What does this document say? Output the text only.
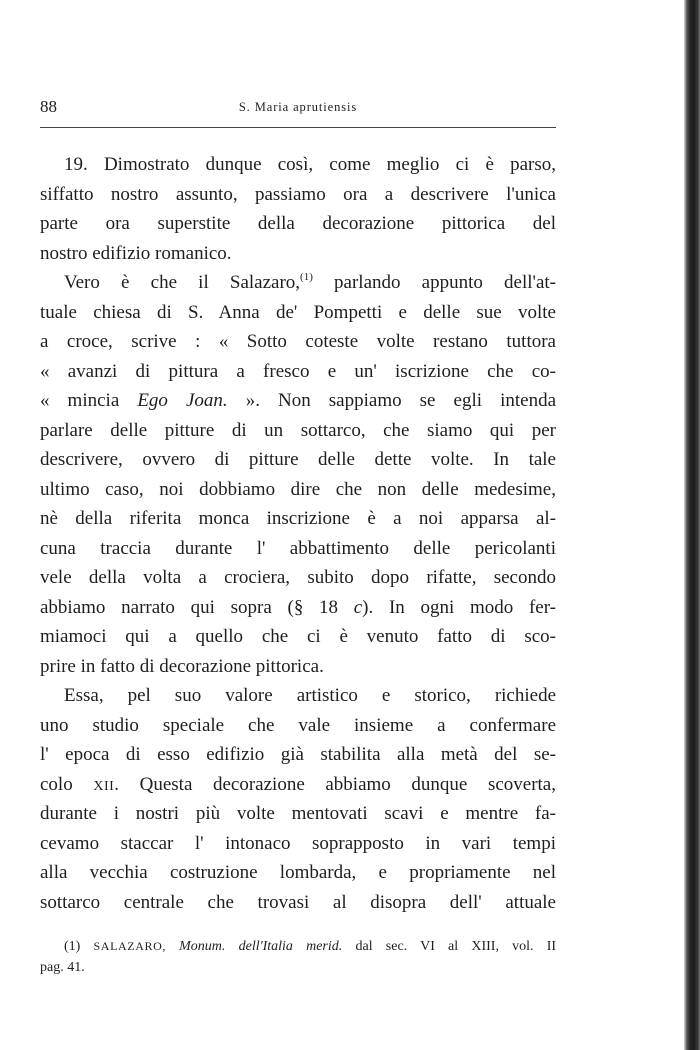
88	S. Maria aprutiensis
19. Dimostrato dunque così, come meglio ci è parso,
siffatto nostro assunto, passiamo ora a descrivere l'unica
parte ora superstite della decorazione pittorica del
nostro edifizio romanico.
Vero è che il Salazaro,$^{(1)}$ parlando appunto dell'at-
tuale chiesa di S. Anna de' Pompetti e delle sue volte
a croce, scrive : « Sotto coteste volte restano tuttora
« avanzi di pittura a fresco e un' iscrizione che co-
« mincia Ego Joan. ». Non sappiamo se egli intenda
parlare delle pitture di un sottarco, che siamo qui per
descrivere, ovvero di pitture delle dette volte. In tale
ultimo caso, noi dobbiamo dire che non delle medesime,
nè della riferita monca inscrizione è a noi apparsa al-
cuna traccia durante l' abbattimento delle pericolanti
vele della volta a crociera, subito dopo rifatte, secondo
abbiamo narrato qui sopra (§ 18 c). In ogni modo fer-
miamoci qui a quello che ci è venuto fatto di sco-
prire in fatto di decorazione pittorica.
Essa, pel suo valore artistico e storico, richiede
uno studio speciale che vale insieme a confermare
l' epoca di esso edifizio già stabilita alla metà del se-
colo XII. Questa decorazione abbiamo dunque scoverta,
durante i nostri più volte mentovati scavi e mentre fa-
cevamo staccar l' intonaco soprapposto in vari tempi
alla vecchia costruzione lombarda, e propriamente nel
sottarco centrale che trovasi al disopra dell' attuale
(1) SALAZARO, Monum. dell'Italia merid. dal sec. VI al XIII, vol. II
pag. 41.
